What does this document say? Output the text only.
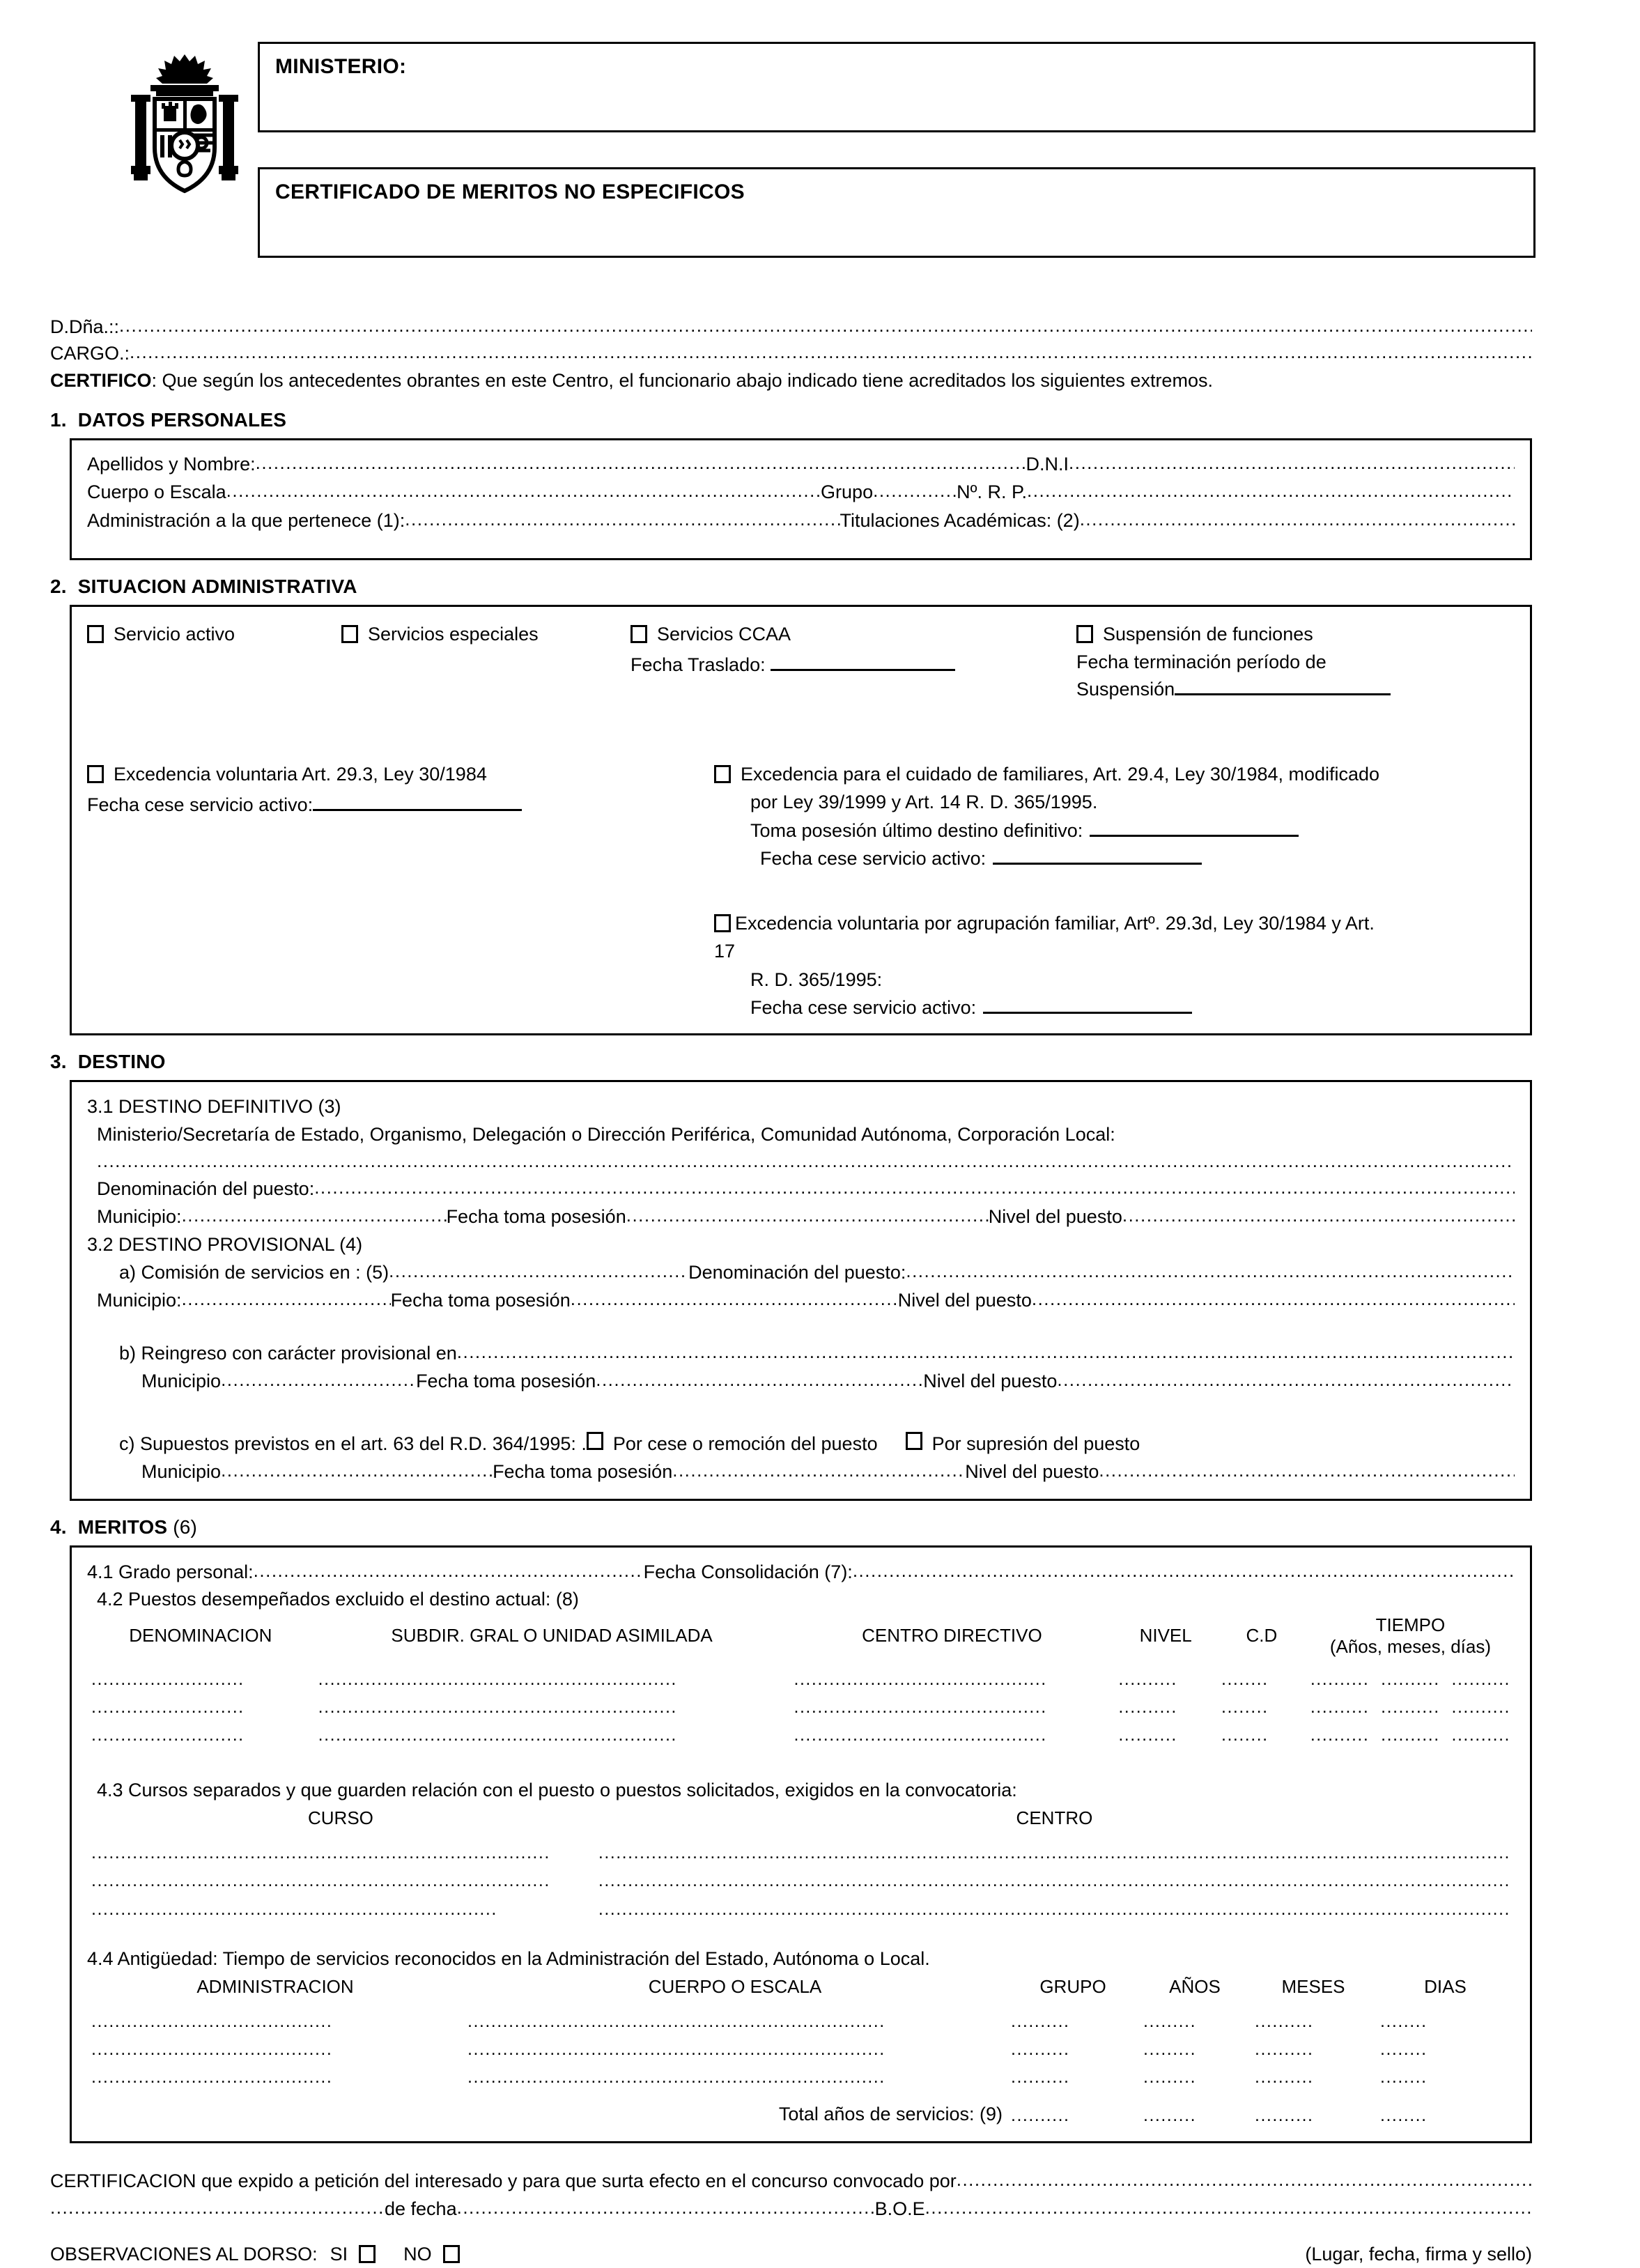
MINISTERIO:
CERTIFICADO DE MERITOS NO ESPECIFICOS
D.Dña.::
.....
CARGO.:
.....
CERTIFICO : Que según los antecedentes obrantes en este Centro, el funcionario abajo indicado tiene acreditados los siguientes extremos.
1. DATOS PERSONALES
Apellidos y Nombre: .....	D.N.I
.....
Cuerpo o Escala .....	Grupo .....	Nº. R. P.
.....
Administración a la que pertenece (1): .....	Titulaciones Académicas: (2)
.....
2. SITUACION ADMINISTRATIVA
Servicio activo	Servicios especiales	Servicios CCAA
Fecha Traslado:
Suspensión de funciones
Fecha terminación período de
Suspensión
Excedencia voluntaria Art. 29.3, Ley 30/1984
Fecha cese servicio activo:
Excedencia para el cuidado de familiares, Art. 29.4, Ley 30/1984, modificado
por Ley 39/1999 y Art. 14 R. D. 365/1995.
Toma posesión último destino definitivo:
Fecha cese servicio activo:
Excedencia voluntaria por agrupación familiar, Artº. 29.3d, Ley 30/1984 y Art.
17
R. D. 365/1995:
Fecha cese servicio activo:
3. DESTINO
3.1 DESTINO DEFINITIVO (3)
Ministerio/Secretaría de Estado, Organismo, Delegación o Dirección Periférica, Comunidad Autónoma, Corporación Local:
.....
Denominación del puesto:
.....
Municipio: .....	Fecha toma posesión .....	Nivel del puesto
.....
3.2 DESTINO PROVISIONAL (4)
a) Comisión de servicios en : (5) .....	Denominación del puesto:
.....
Municipio: .....	Fecha toma posesión .....	Nivel del puesto
.....
b) Reingreso con carácter provisional en
.....
Municipio .....	Fecha toma posesión .....	Nivel del puesto
.....
c) Supuestos previstos en el art. 63 del R.D. 364/1995: . Por cese o remoción del puesto	Por supresión del puesto
Municipio .....	Fecha toma posesión .....	Nivel del puesto
.....
4. MERITOS (6)
4.1 Grado personal: .....	Fecha Consolidación (7):
.....
4.2 Puestos desempeñados excluido el destino actual: (8)
DENOMINACION	SUBDIR. GRAL O UNIDAD ASIMILADA	CENTRO DIRECTIVO	NIVEL	C.D	TIEMPO
(Años, meses, días)

..........................	.............................................................	...........................................	..........	........	..........  ..........  ..........
..........................	.............................................................	...........................................	..........	........	..........  ..........  ..........
..........................	.............................................................	...........................................	..........	........	..........  ..........  ..........
4.3 Cursos separados y que guarden relación con el puesto o puestos solicitados, exigidos en la convocatoria:
CURSO	CENTRO
..............................................................................	...........................................................................................................................................................
..............................................................................	...........................................................................................................................................................
.....................................................................	...........................................................................................................................................................
4.4 Antigüedad: Tiempo de servicios reconocidos en la Administración del Estado, Autónoma o Local.
ADMINISTRACION	CUERPO O ESCALA	GRUPO	AÑOS	MESES	DIAS
.........................................	.......................................................................	..........	.........	..........	........
.........................................	.......................................................................	..........	.........	..........	........
.........................................	.......................................................................	..........	.........	..........	........
	Total años de servicios: (9)	..........	.........	..........	........
CERTIFICACION que expido a petición del interesado y para que surta efecto en el concurso convocado por
.....
.....
de fecha .....	B.O.E
.....
OBSERVACIONES AL DORSO: SI	NO	(Lugar, fecha, firma y sello)
